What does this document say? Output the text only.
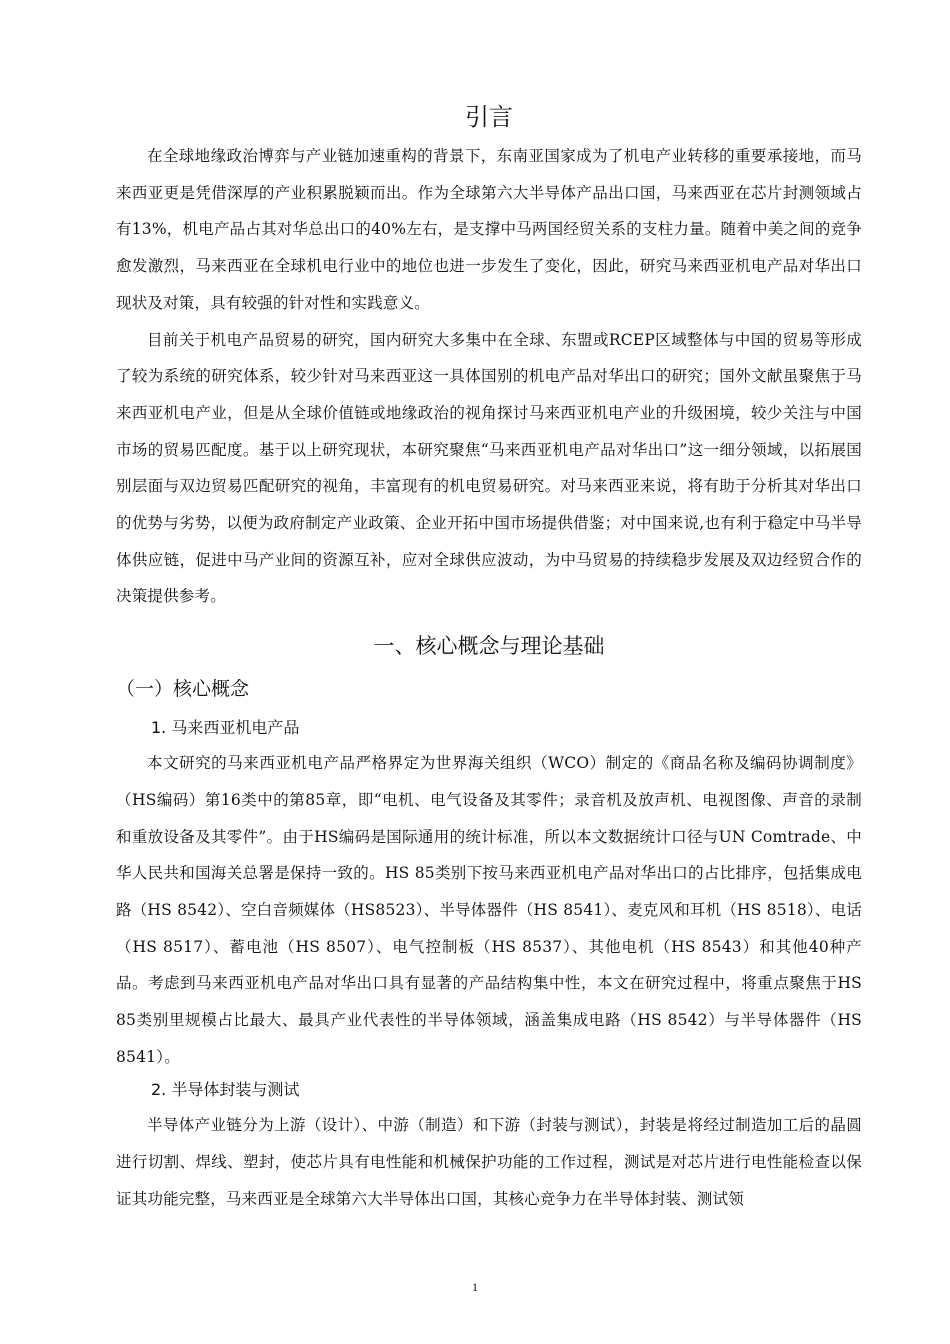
引言

在全球地缘政治博弈与产业链加速重构的背景下，东南亚国家成为了机电产业转移的重要承接地，而马来西亚更是凭借深厚的产业积累脱颖而出。作为全球第六大半导体产品出口国，马来西亚在芯片封测领域占有13%，机电产品占其对华总出口的40%左右，是支撑中马两国经贸关系的支柱力量。随着中美之间的竞争愈发激烈，马来西亚在全球机电行业中的地位也进一步发生了变化，因此，研究马来西亚机电产品对华出口现状及对策，具有较强的针对性和实践意义。

目前关于机电产品贸易的研究，国内研究大多集中在全球、东盟或RCEP区域整体与中国的贸易等形成了较为系统的研究体系，较少针对马来西亚这一具体国别的机电产品对华出口的研究；国外文献虽聚焦于马来西亚机电产业，但是从全球价值链或地缘政治的视角探讨马来西亚机电产业的升级困境，较少关注与中国市场的贸易匹配度。基于以上研究现状，本研究聚焦“马来西亚机电产品对华出口”这一细分领域，以拓展国别层面与双边贸易匹配研究的视角，丰富现有的机电贸易研究。对马来西亚来说，将有助于分析其对华出口的优势与劣势，以便为政府制定产业政策、企业开拓中国市场提供借鉴；对中国来说,也有利于稳定中马半导体供应链，促进中马产业间的资源互补，应对全球供应波动，为中马贸易的持续稳步发展及双边经贸合作的决策提供参考。

一、核心概念与理论基础
（一）核心概念
1. 马来西亚机电产品

本文研究的马来西亚机电产品严格界定为世界海关组织（WCO）制定的《商品名称及编码协调制度》（HS编码）第16类中的第85章，即“电机、电气设备及其零件；录音机及放声机、电视图像、声音的录制和重放设备及其零件”。由于HS编码是国际通用的统计标准，所以本文数据统计口径与UN Comtrade、中华人民共和国海关总署是保持一致的。HS 85类别下按马来西亚机电产品对华出口的占比排序，包括集成电路（HS 8542）、空白音频媒体（HS8523）、半导体器件（HS 8541）、麦克风和耳机（HS 8518）、电话（HS 8517）、蓄电池（HS 8507）、电气控制板（HS 8537）、其他电机（HS 8543）和其他40种产品。考虑到马来西亚机电产品对华出口具有显著的产品结构集中性，本文在研究过程中，将重点聚焦于HS 85类别里规模占比最大、最具产业代表性的半导体领域，涵盖集成电路（HS 8542）与半导体器件（HS 8541）。

2. 半导体封装与测试

半导体产业链分为上游（设计）、中游（制造）和下游（封装与测试），封装是将经过制造加工后的晶圆进行切割、焊线、塑封，使芯片具有电性能和机械保护功能的工作过程，测试是对芯片进行电性能检查以保证其功能完整，马来西亚是全球第六大半导体出口国，其核心竞争力在半导体封装、测试领

1
